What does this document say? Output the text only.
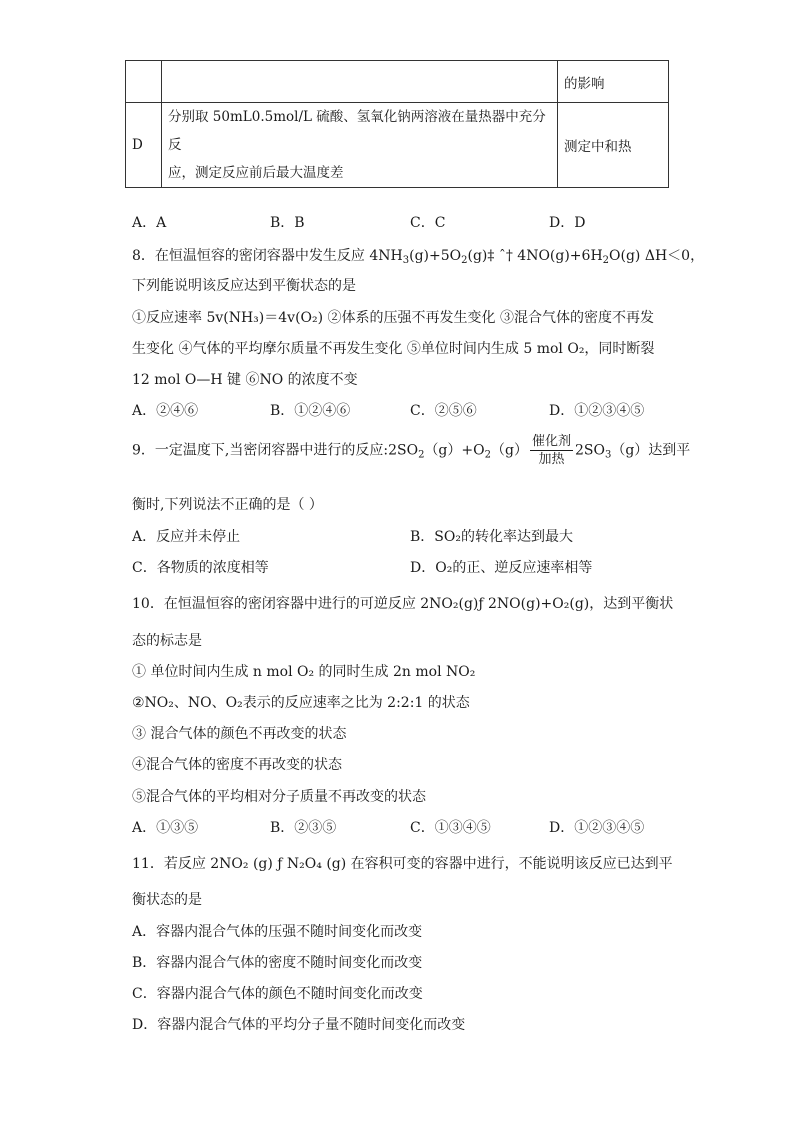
		的影响
D	分别取 50mL0.5mol/L 硫酸、氢氧化钠两溶液在量热器中充分反
应，测定反应前后最大温度差	测定中和热
A．A	B．B	C．C	D．D
8．在恒温恒容的密闭容器中发生反应 $4NH_3(g)+5O_2(g)\ddagger$ ˆ† $4NO(g)+6H_2O(g)$ ΔH＜0，
下列能说明该反应达到平衡状态的是
①反应速率 5v(NH₃)＝4v(O₂) ②体系的压强不再发生变化 ③混合气体的密度不再发
生变化 ④气体的平均摩尔质量不再发生变化 ⑤单位时间内生成 5 mol O₂，同时断裂
12 mol O—H 键 ⑥NO 的浓度不变
A．②④⑥	B．①②④⑥	C．②⑤⑥	D．①②③④⑤
9．一定温度下,当密闭容器中进行的反应$:2SO_2(g)+O_2(g) \frac{\text{催化剂}}{\text{加热}} 2SO_3(g)$达到平
衡时,下列说法不正确的是（ ）
A．反应并未停止	B．SO₂的转化率达到最大
C．各物质的浓度相等	D．O₂的正、逆反应速率相等
10．在恒温恒容的密闭容器中进行的可逆反应 2NO₂(g)ƒ 2NO(g)+O₂(g)，达到平衡状
态的标志是
① 单位时间内生成 n mol O₂ 的同时生成 2n mol NO₂
②NO₂、NO、O₂表示的反应速率之比为 2:2:1 的状态
③ 混合气体的颜色不再改变的状态
④混合气体的密度不再改变的状态
⑤混合气体的平均相对分子质量不再改变的状态
A．①③⑤	B．②③⑤	C．①③④⑤	D．①②③④⑤
11．若反应 2NO₂ (g) ƒ N₂O₄ (g) 在容积可变的容器中进行，不能说明该反应已达到平
衡状态的是
A．容器内混合气体的压强不随时间变化而改变
B．容器内混合气体的密度不随时间变化而改变
C．容器内混合气体的颜色不随时间变化而改变
D．容器内混合气体的平均分子量不随时间变化而改变
